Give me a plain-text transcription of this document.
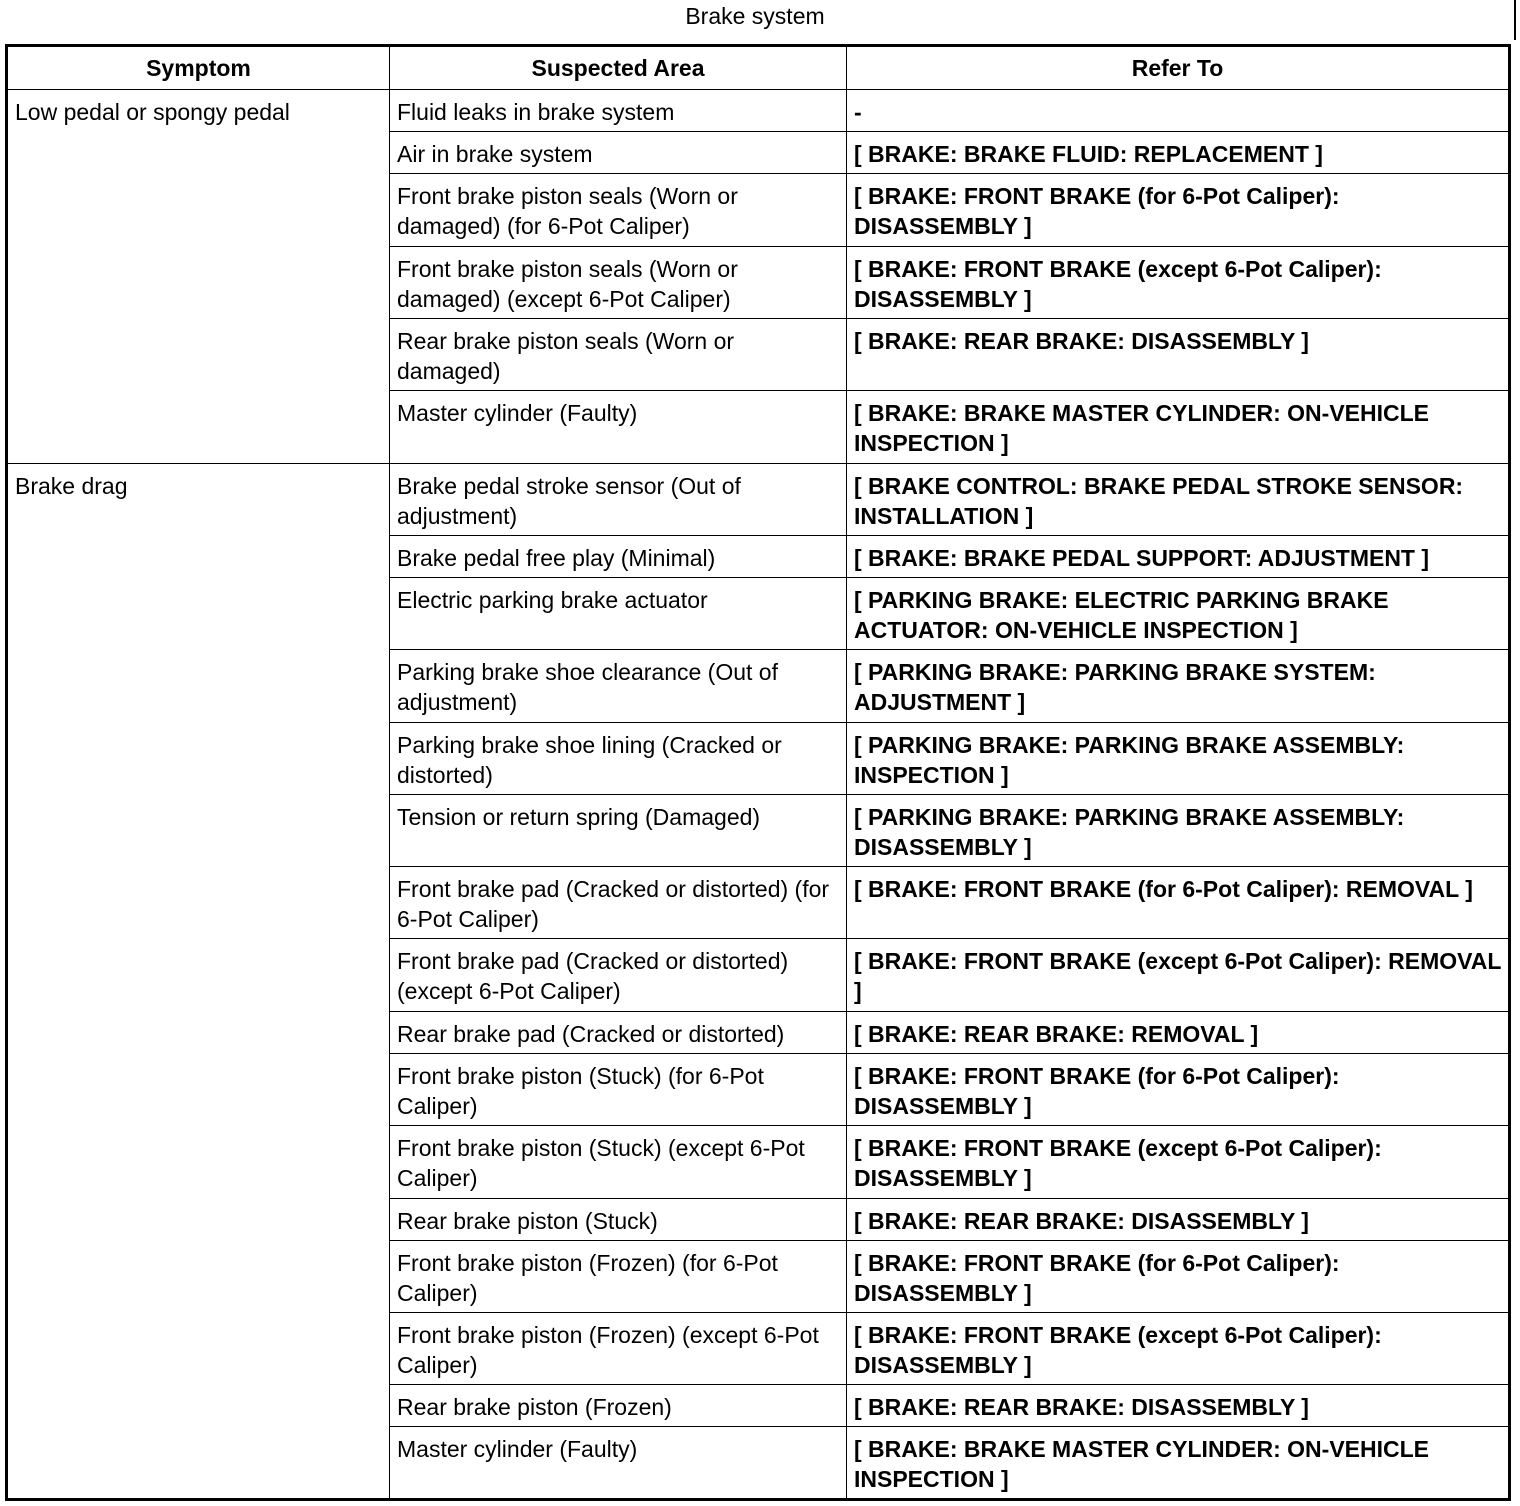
Brake system
Symptom	Suspected Area	Refer To
Low pedal or spongy pedal	Fluid leaks in brake system	-
	Air in brake system	[ BRAKE: BRAKE FLUID: REPLACEMENT ]
	Front brake piston seals (Worn or damaged) (for 6-Pot Caliper)	[ BRAKE: FRONT BRAKE (for 6-Pot Caliper): DISASSEMBLY ]
	Front brake piston seals (Worn or damaged) (except 6-Pot Caliper)	[ BRAKE: FRONT BRAKE (except 6-Pot Caliper): DISASSEMBLY ]
	Rear brake piston seals (Worn or damaged)	[ BRAKE: REAR BRAKE: DISASSEMBLY ]
	Master cylinder (Faulty)	[ BRAKE: BRAKE MASTER CYLINDER: ON-VEHICLE INSPECTION ]
Brake drag	Brake pedal stroke sensor (Out of adjustment)	[ BRAKE CONTROL: BRAKE PEDAL STROKE SENSOR: INSTALLATION ]
	Brake pedal free play (Minimal)	[ BRAKE: BRAKE PEDAL SUPPORT: ADJUSTMENT ]
	Electric parking brake actuator	[ PARKING BRAKE: ELECTRIC PARKING BRAKE ACTUATOR: ON-VEHICLE INSPECTION ]
	Parking brake shoe clearance (Out of adjustment)	[ PARKING BRAKE: PARKING BRAKE SYSTEM: ADJUSTMENT ]
	Parking brake shoe lining (Cracked or distorted)	[ PARKING BRAKE: PARKING BRAKE ASSEMBLY: INSPECTION ]
	Tension or return spring (Damaged)	[ PARKING BRAKE: PARKING BRAKE ASSEMBLY: DISASSEMBLY ]
	Front brake pad (Cracked or distorted) (for 6-Pot Caliper)	[ BRAKE: FRONT BRAKE (for 6-Pot Caliper): REMOVAL ]
	Front brake pad (Cracked or distorted) (except 6-Pot Caliper)	[ BRAKE: FRONT BRAKE (except 6-Pot Caliper): REMOVAL ]
	Rear brake pad (Cracked or distorted)	[ BRAKE: REAR BRAKE: REMOVAL ]
	Front brake piston (Stuck) (for 6-Pot Caliper)	[ BRAKE: FRONT BRAKE (for 6-Pot Caliper): DISASSEMBLY ]
	Front brake piston (Stuck) (except 6-Pot Caliper)	[ BRAKE: FRONT BRAKE (except 6-Pot Caliper): DISASSEMBLY ]
	Rear brake piston (Stuck)	[ BRAKE: REAR BRAKE: DISASSEMBLY ]
	Front brake piston (Frozen) (for 6-Pot Caliper)	[ BRAKE: FRONT BRAKE (for 6-Pot Caliper): DISASSEMBLY ]
	Front brake piston (Frozen) (except 6-Pot Caliper)	[ BRAKE: FRONT BRAKE (except 6-Pot Caliper): DISASSEMBLY ]
	Rear brake piston (Frozen)	[ BRAKE: REAR BRAKE: DISASSEMBLY ]
	Master cylinder (Faulty)	[ BRAKE: BRAKE MASTER CYLINDER: ON-VEHICLE INSPECTION ]
